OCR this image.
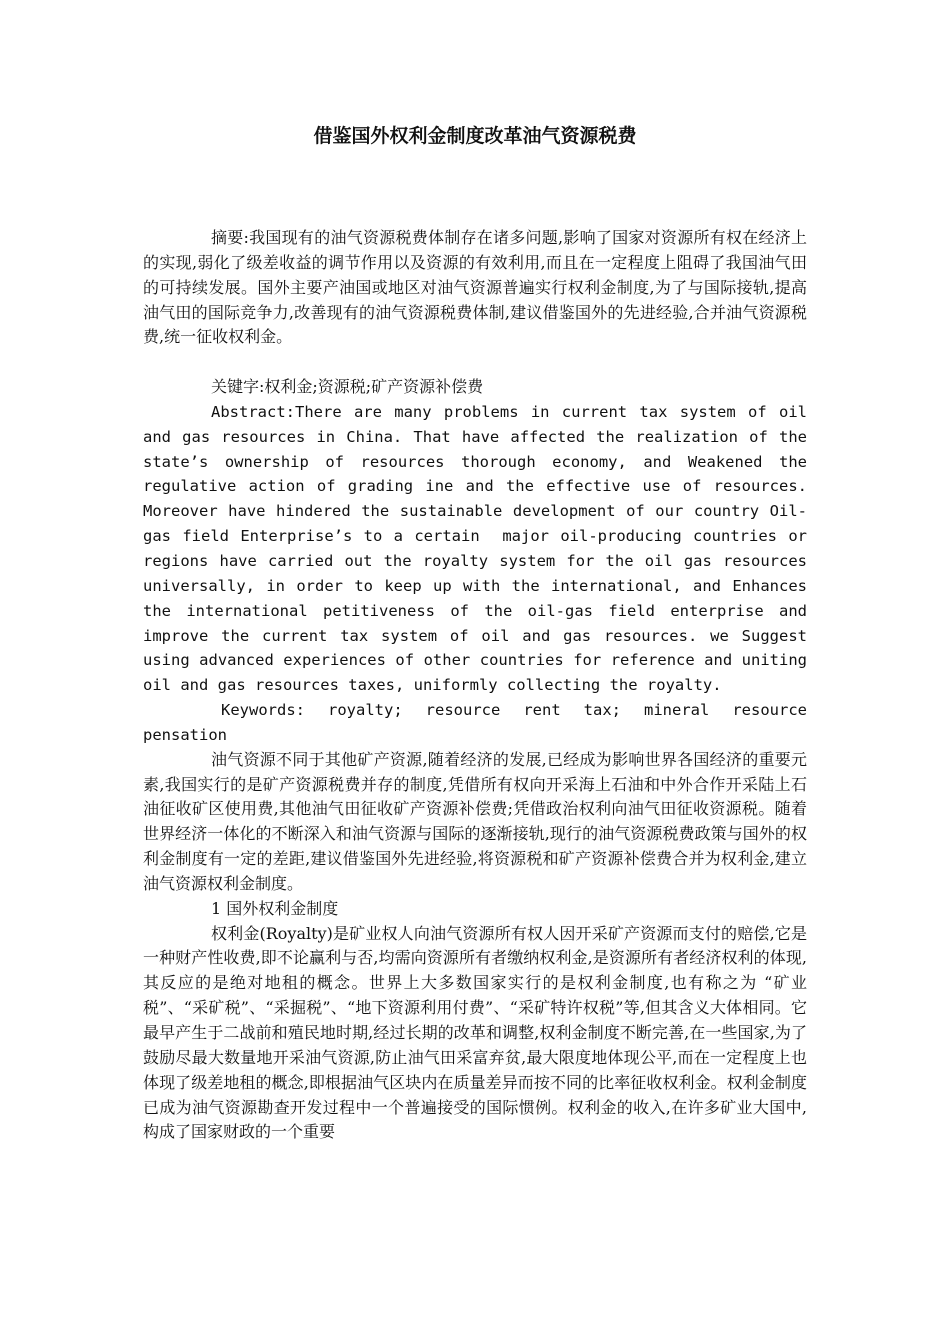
借鉴国外权利金制度改革油气资源税费

摘要:我国现有的油气资源税费体制存在诸多问题,影响了国家对资源所有权在经济上的实现,弱化了级差收益的调节作用以及资源的有效利用,而且在一定程度上阻碍了我国油气田的可持续发展。国外主要产油国或地区对油气资源普遍实行权利金制度,为了与国际接轨,提高油气田的国际竞争力,改善现有的油气资源税费体制,建议借鉴国外的先进经验,合并油气资源税费,统一征收权利金。

关键字:权利金;资源税;矿产资源补偿费

Abstract:There are many problems in current tax system of oil and gas resources in China. That have affected the realization of the state’s ownership of resources thorough economy, and Weakened the regulative action of grading ine and the effective use of resources. Moreover have hindered the sustainable development of our country Oil-gas field Enterprise’s to a certain  major oil-producing countries or regions have carried out the royalty system for the oil gas resources universally, in order to keep up with the international, and Enhances the international petitiveness of the oil-gas field enterprise and improve the current tax system of oil and gas resources. we Suggest using advanced experiences of other countries for reference and uniting oil and gas resources taxes, uniformly collecting the royalty.

Keywords: royalty; resource rent tax; mineral resource pensation

油气资源不同于其他矿产资源,随着经济的发展,已经成为影响世界各国经济的重要元素,我国实行的是矿产资源税费并存的制度,凭借所有权向开采海上石油和中外合作开采陆上石油征收矿区使用费,其他油气田征收矿产资源补偿费;凭借政治权利向油气田征收资源税。随着世界经济一体化的不断深入和油气资源与国际的逐渐接轨,现行的油气资源税费政策与国外的权利金制度有一定的差距,建议借鉴国外先进经验,将资源税和矿产资源补偿费合并为权利金,建立油气资源权利金制度。

1 国外权利金制度

权利金(Royalty)是矿业权人向油气资源所有权人因开采矿产资源而支付的赔偿,它是一种财产性收费,即不论赢利与否,均需向资源所有者缴纳权利金,是资源所有者经济权利的体现,其反应的是绝对地租的概念。世界上大多数国家实行的是权利金制度,也有称之为 “矿业税”、“采矿税”、“采掘税”、“地下资源利用付费”、“采矿特许权税”等,但其含义大体相同。它最早产生于二战前和殖民地时期,经过长期的改革和调整,权利金制度不断完善,在一些国家,为了鼓励尽最大数量地开采油气资源,防止油气田采富弃贫,最大限度地体现公平,而在一定程度上也体现了级差地租的概念,即根据油气区块内在质量差异而按不同的比率征收权利金。权利金制度已成为油气资源勘查开发过程中一个普遍接受的国际惯例。权利金的收入,在许多矿业大国中,构成了国家财政的一个重要
